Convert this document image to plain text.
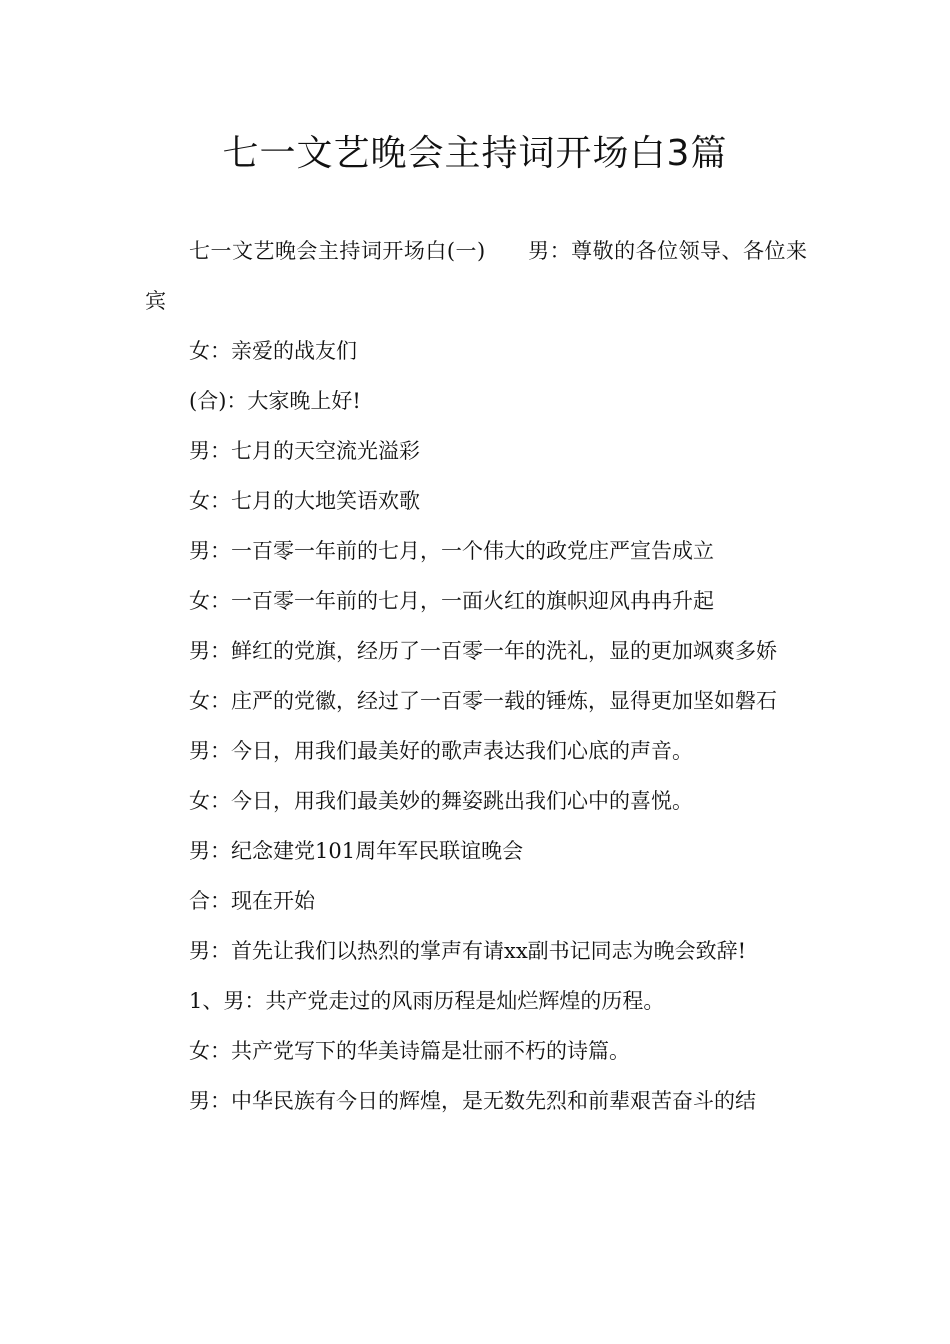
七一文艺晚会主持词开场白3篇

七一文艺晚会主持词开场白(一)      男：尊敬的各位领导、各位来宾

女：亲爱的战友们

(合)：大家晚上好!

男：七月的天空流光溢彩

女：七月的大地笑语欢歌

男：一百零一年前的七月，一个伟大的政党庄严宣告成立

女：一百零一年前的七月，一面火红的旗帜迎风冉冉升起

男：鲜红的党旗，经历了一百零一年的洗礼，显的更加飒爽多娇

女：庄严的党徽，经过了一百零一载的锤炼，显得更加坚如磐石

男：今日，用我们最美好的歌声表达我们心底的声音。

女：今日，用我们最美妙的舞姿跳出我们心中的喜悦。

男：纪念建党101周年军民联谊晚会

合：现在开始

男：首先让我们以热烈的掌声有请xx副书记同志为晚会致辞!

1、男：共产党走过的风雨历程是灿烂辉煌的历程。

女：共产党写下的华美诗篇是壮丽不朽的诗篇。

男：中华民族有今日的辉煌，是无数先烈和前辈艰苦奋斗的结
